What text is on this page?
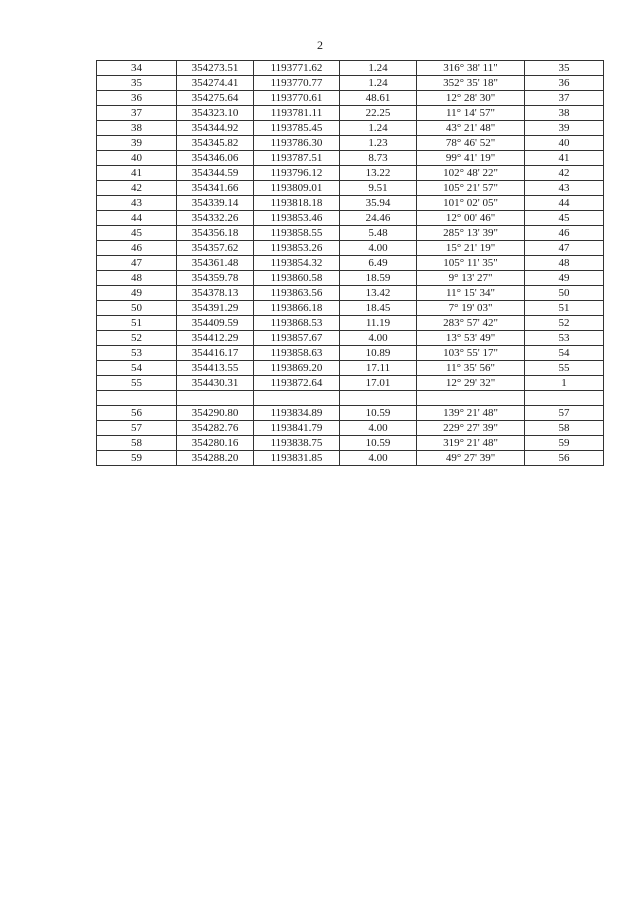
2
34	354273.51	1193771.62	1.24	316° 38' 11"	35
35	354274.41	1193770.77	1.24	352° 35' 18"	36
36	354275.64	1193770.61	48.61	12° 28' 30"	37
37	354323.10	1193781.11	22.25	11° 14' 57"	38
38	354344.92	1193785.45	1.24	43° 21' 48"	39
39	354345.82	1193786.30	1.23	78° 46' 52"	40
40	354346.06	1193787.51	8.73	99° 41' 19"	41
41	354344.59	1193796.12	13.22	102° 48' 22"	42
42	354341.66	1193809.01	9.51	105° 21' 57"	43
43	354339.14	1193818.18	35.94	101° 02' 05"	44
44	354332.26	1193853.46	24.46	12° 00' 46"	45
45	354356.18	1193858.55	5.48	285° 13' 39"	46
46	354357.62	1193853.26	4.00	15° 21' 19"	47
47	354361.48	1193854.32	6.49	105° 11' 35"	48
48	354359.78	1193860.58	18.59	9° 13' 27"	49
49	354378.13	1193863.56	13.42	11° 15' 34"	50
50	354391.29	1193866.18	18.45	7° 19' 03"	51
51	354409.59	1193868.53	11.19	283° 57' 42"	52
52	354412.29	1193857.67	4.00	13° 53' 49"	53
53	354416.17	1193858.63	10.89	103° 55' 17"	54
54	354413.55	1193869.20	17.11	11° 35' 56"	55
55	354430.31	1193872.64	17.01	12° 29' 32"	1

56	354290.80	1193834.89	10.59	139° 21' 48"	57
57	354282.76	1193841.79	4.00	229° 27' 39"	58
58	354280.16	1193838.75	10.59	319° 21' 48"	59
59	354288.20	1193831.85	4.00	49° 27' 39"	56
